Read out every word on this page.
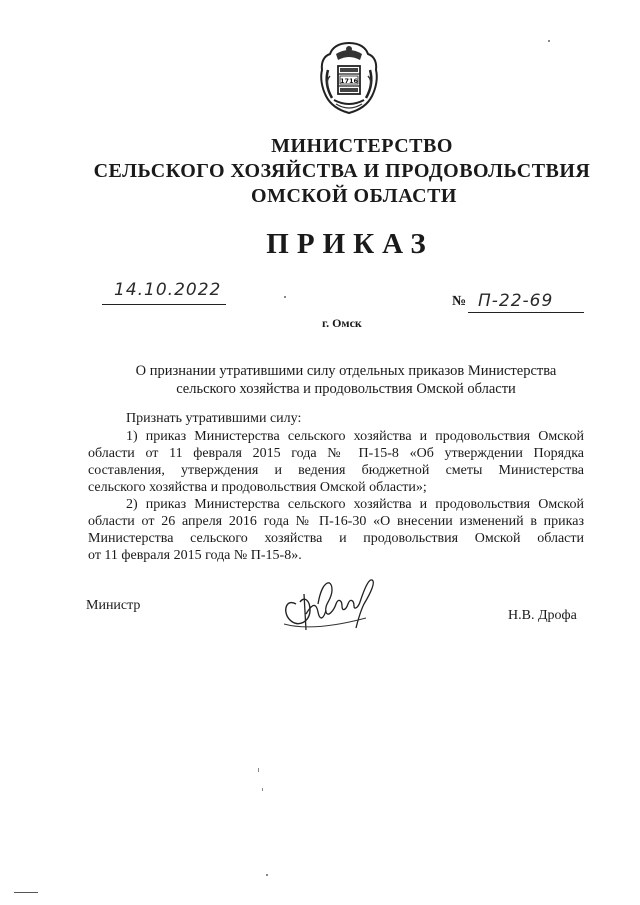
1716

МИНИСТЕРСТВО

СЕЛЬСКОГО ХОЗЯЙСТВА И ПРОДОВОЛЬСТВИЯ

ОМСКОЙ ОБЛАСТИ

ПРИКАЗ

14.10.2022
№ П-22-69
г. Омск

О признании утратившими силу отдельных приказов Министерства

сельского хозяйства и продовольствия Омской области

Признать утратившими силу:
1) приказ Министерства сельского хозяйства и продовольствия Омской
области от 11 февраля 2015 года № П-15-8 «Об утверждении Порядка
составления, утверждения и ведения бюджетной сметы Министерства
сельского хозяйства и продовольствия Омской области»;
2) приказ Министерства сельского хозяйства и продовольствия Омской
области от 26 апреля 2016 года № П-16-30 «О внесении изменений в приказ
Министерства сельского хозяйства и продовольствия Омской области
от 11 февраля 2015 года № П-15-8».
Министр
Н.В. Дрофа
